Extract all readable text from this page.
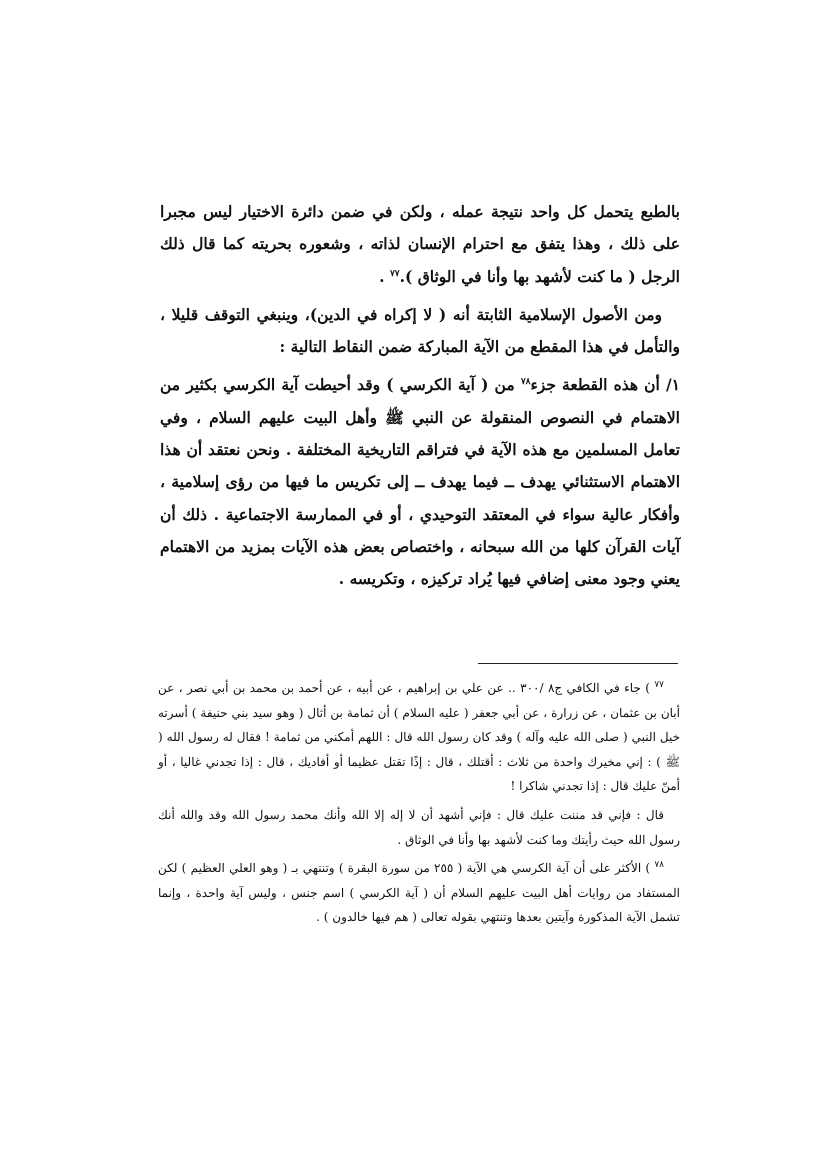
بالطبع يتحمل كل واحد نتيجة عمله ، ولكن في ضمن دائرة الاختيار ليس مجبرا على ذلك ، وهذا يتفق مع احترام الإنسان لذاته ، وشعوره بحريته كما قال ذلك الرجل ( ما كنت لأشهد بها وأنا في الوثاق ).$^{٧٧}$ .

ومن الأصول الإسلامية الثابتة أنه ( لا إكراه في الدين)، وينبغي التوقف قليلا ، والتأمل في هذا المقطع من الآية المباركة ضمن النقاط التالية :

١/ أن هذه القطعة جزء$^{٧٨}$ من ( آية الكرسي ) وقد أحيطت آية الكرسي بكثير من الاهتمام في النصوص المنقولة عن النبي ﷺ وأهل البيت عليهم السلام ، وفي تعامل المسلمين مع هذه الآية في فتراقم التاريخية المختلفة . ونحن نعتقد أن هذا الاهتمام الاستثنائي يهدف ــ فيما يهدف ــ إلى تكريس ما فيها من رؤى إسلامية ، وأفكار عالية سواء في المعتقد التوحيدي ، أو في الممارسة الاجتماعية . ذلك أن آيات القرآن كلها من الله سبحانه ، واختصاص بعض هذه الآيات بمزيد من الاهتمام يعني وجود معنى إضافي فيها يُراد تركيزه ، وتكريسه .

$^{٧٧}$ ) جاء في الكافي ج٨ /٣٠٠ .. عن علي بن إبراهيم ، عن أبيه ، عن أحمد بن محمد بن أبي نصر ، عن أبان بن عثمان ، عن زرارة ، عن أبي جعفر ( عليه السلام ) أن ثمامة بن أثال ( وهو سيد بني حنيفة ) أسرته خيل النبي ( صلى الله عليه وآله ) وقد كان رسول الله قال : اللهم أمكني من ثمامة ! فقال له رسول الله ( ﷺ ) : إني مخيرك واحدة من ثلاث : أقتلك ، قال : إذًا تقتل عظيما أو أفاديك ، قال : إذا تجدني غاليا ، أو أمنّ عليك قال : إذا تجدني شاكرا !

قال : فإني قد مننت عليك قال : فإني أشهد أن لا إله إلا الله وأنك محمد رسول الله وقد والله أنك رسول الله حيث رأيتك وما كنت لأشهد بها وأنا في الوثاق .

$^{٧٨}$ ) الأكثر على أن آية الكرسي هي الآية ( ٢٥٥ من سورة البقرة ) وتنتهي بـ ( وهو العلي العظيم ) لكن المستفاد من روايات أهل البيت عليهم السلام أن ( آية الكرسي ) اسم جنس ، وليس آية واحدة ، وإنما تشمل الآية المذكورة وآيتين بعدها وتنتهي بقوله تعالى ( هم فيها خالدون ) .
